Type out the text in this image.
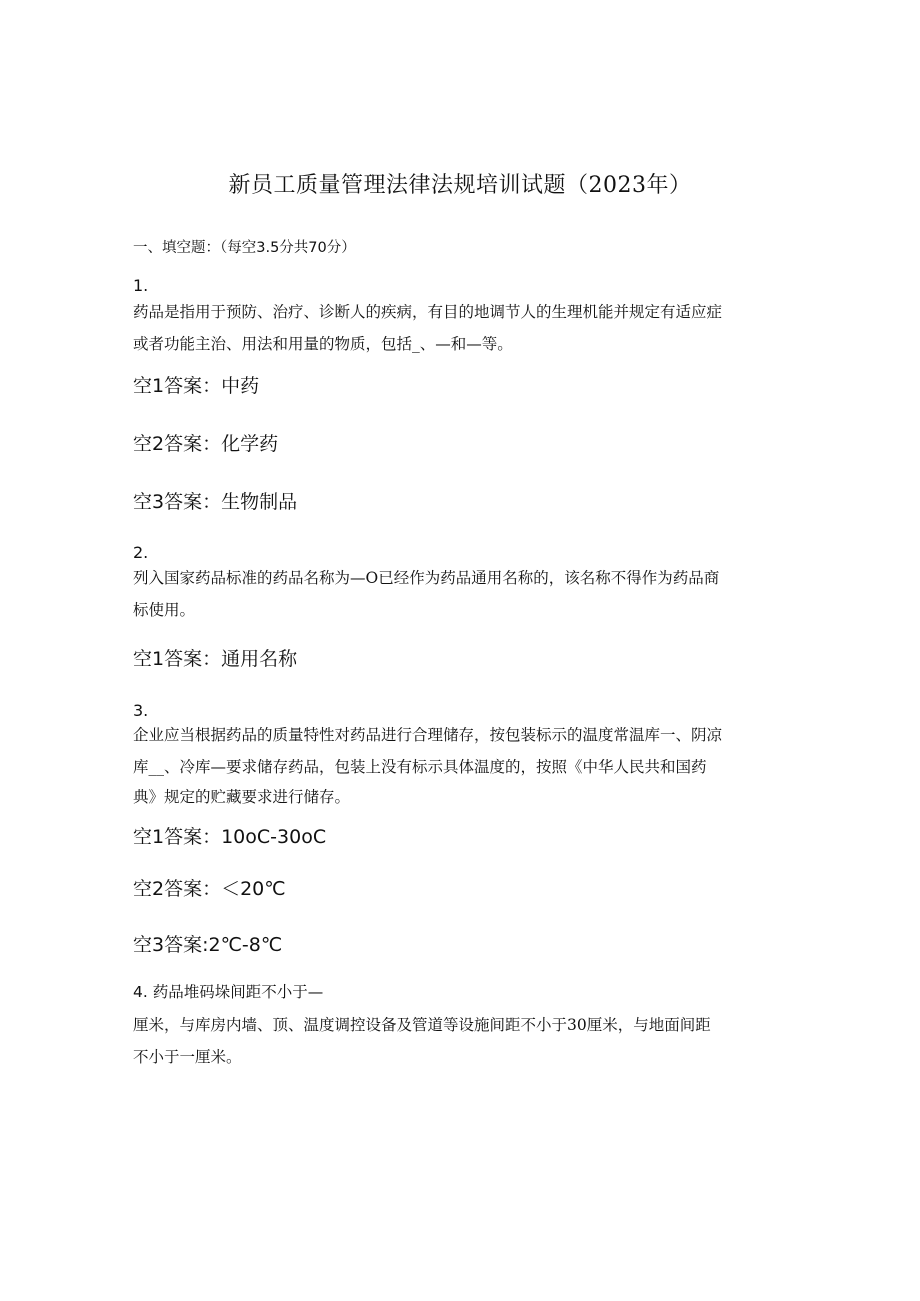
新员工质量管理法律法规培训试题（2023年）
一、填空题：（每空3.5分共70分）
1.
药品是指用于预防、治疗、诊断人的疾病，有目的地调节人的生理机能并规定有适应症
或者功能主治、用法和用量的物质，包括_、—和—等。
空1答案：中药
空2答案：化学药
空3答案：生物制品
2.
列入国家药品标准的药品名称为—O已经作为药品通用名称的，该名称不得作为药品商
标使用。
空1答案：通用名称
3.
企业应当根据药品的质量特性对药品进行合理储存，按包装标示的温度常温库一、阴凉
库__、冷库—要求储存药品，包装上没有标示具体温度的，按照《中华人民共和国药
典》规定的贮藏要求进行储存。
空1答案：10oC-30oC
空2答案：＜20℃
空3答案:2℃-8℃
4. 药品堆码垛间距不小于—
厘米，与库房内墙、顶、温度调控设备及管道等设施间距不小于30厘米，与地面间距
不小于一厘米。
